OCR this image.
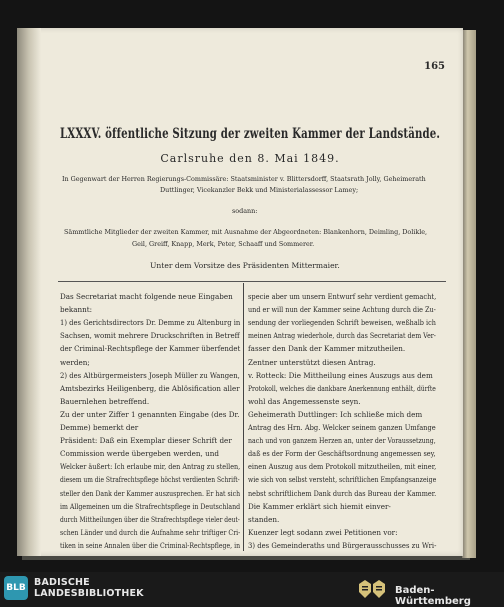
165
LXXXV. öffentliche Sitzung der zweiten Kammer der Landstände.
Carlsruhe den 8. Mai 1849.
In Gegenwart der Herren Regierungs-Commissäre: Staatsminister v. Blittersdorff, Staatsrath Jolly, Geheimerath
Duttlinger, Vicekanzler Bekk und Ministerialassessor Lamey;
sodann:
Sämmtliche Mitglieder der zweiten Kammer, mit Ausnahme der Abgeordneten: Blankenhorn, Deimling, Dolikle,
Geil, Greiff, Knapp, Merk, Peter, Schaaff und Sommerer.
Unter dem Vorsitze des Präsidenten Mittermaier.
Das Secretariat macht folgende neue Eingaben
bekannt:
1) des Gerichtsdirectors Dr. Demme zu Altenburg in
Sachsen, womit mehrere Druckschriften in Betreff
der Criminal-Rechtspflege der Kammer überfendet
werden;
2) des Altbürgermeisters Joseph Müller zu Wangen,
Amtsbezirks Heiligenberg, die Ablösification aller
Bauernlehen betreffend.
Zu der unter Ziffer 1 genannten Eingabe (des Dr.
Demme) bemerkt der
Präsident: Daß ein Exemplar dieser Schrift der
Commission werde übergeben werden, und
Welcker äußert: Ich erlaube mir, den Antrag zu stellen,
diesem um die Strafrechtspflege höchst verdienten Schrift-
steller den Dank der Kammer auszusprechen. Er hat sich
im Allgemeinen um die Strafrechtspflege in Deutschland
durch Mittheilungen über die Strafrechtspflege vieler deut-
schen Länder und durch die Aufnahme sehr triftiger Cri-
tiken in seine Annalen über die Criminal-Rechtspflege, in
specie aber um unsern Entwurf sehr verdient gemacht,
und er will nun der Kammer seine Achtung durch die Zu-
sendung der vorliegenden Schrift beweisen, weßhalb ich
meinen Antrag wiederhole, durch das Secretariat dem Ver-
fasser den Dank der Kammer mitzutheilen.
Zentner unterstützt diesen Antrag.
v. Rotteck: Die Mittheilung eines Auszugs aus dem
Protokoll, welches die dankbare Anerkennung enthält, dürfte
wohl das Angemessenste seyn.
Geheimerath Duttlinger: Ich schließe mich dem
Antrag des Hrn. Abg. Welcker seinem ganzen Umfange
nach und von ganzem Herzen an, unter der Voraussetzung,
daß es der Form der Geschäftsordnung angemessen sey,
einen Auszug aus dem Protokoll mitzutheilen, mit einer,
wie sich von selbst versteht, schriftlichen Empfangsanzeige
nebst schriftlichem Dank durch das Bureau der Kammer.
Die Kammer erklärt sich hiemit einver-
standen.
Kuenzer legt sodann zwei Petitionen vor:
3) des Gemeinderaths und Bürgerausschusses zu Wri-
BLB BADISCHE
LANDESBIBLIOTHEK	Baden-Württemberg
